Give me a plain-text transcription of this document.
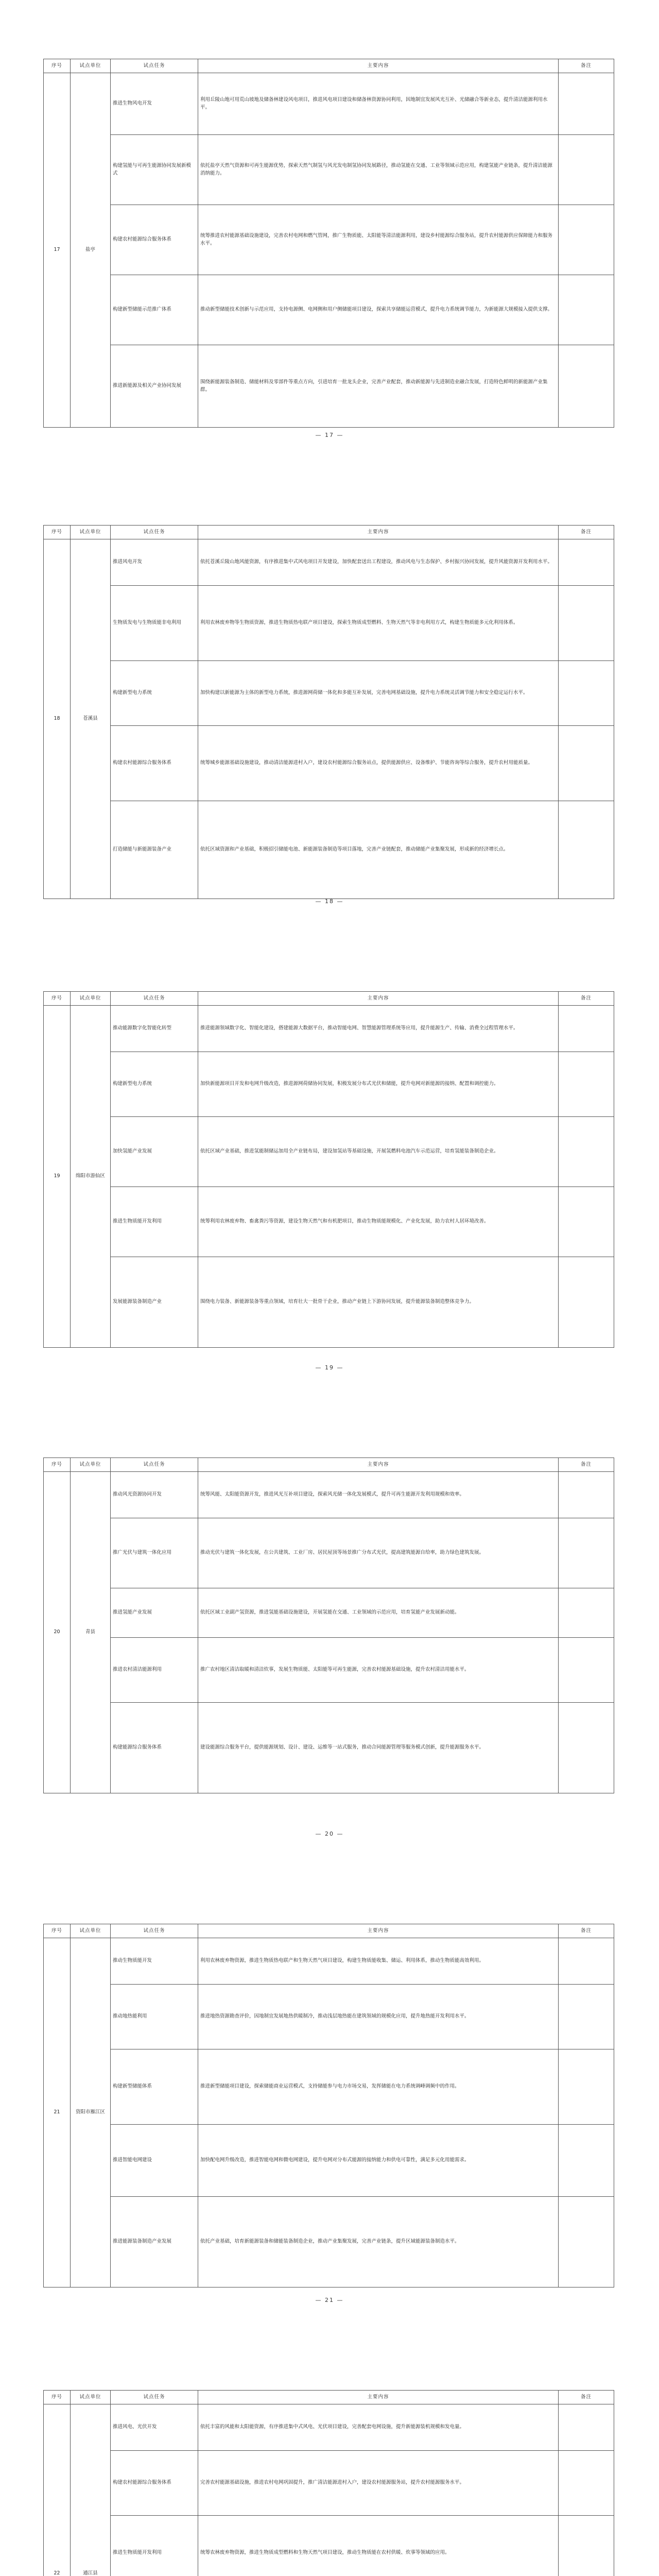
序号	试点单位	试点任务	主要内容	备注
17	盐亭	推进生物风电开发	利用丘陵山地可用荒山坡地及储备林建设风电项目，推进风电项目建设和储备林资源协同利用，因地制宜发展风光互补、光储融合等新业态，提升清洁能源利用水平。	
		构建氢能与可再生能源协同发展新模式	依托盐亭天然气资源和可再生能源优势，探索天然气制氢与风光发电制氢协同发展路径，推动氢能在交通、工业等领域示范应用，构建氢能产业链条，提升清洁能源消纳能力。	
		构建农村能源综合服务体系	统筹推进农村能源基础设施建设，完善农村电网和燃气管网，推广生物质能、太阳能等清洁能源利用，建设乡村能源综合服务站，提升农村能源供应保障能力和服务水平。	
		构建新型储能示范推广体系	推动新型储能技术创新与示范应用，支持电源侧、电网侧和用户侧储能项目建设，探索共享储能运营模式，提升电力系统调节能力，为新能源大规模接入提供支撑。	
		推进新能源及相关产业协同发展	围绕新能源装备制造、储能材料及零部件等重点方向，引进培育一批龙头企业，完善产业配套，推动新能源与先进制造业融合发展，打造特色鲜明的新能源产业集群。	
— 17 —
序号	试点单位	试点任务	主要内容	备注
18	苍溪县	推进风电开发	依托苍溪丘陵山地风能资源，有序推进集中式风电项目开发建设，加快配套送出工程建设，推动风电与生态保护、乡村振兴协同发展，提升风能资源开发利用水平。	
		生物质发电与生物质能非电利用	利用农林废弃物等生物质资源，推进生物质热电联产项目建设，探索生物质成型燃料、生物天然气等非电利用方式，构建生物质能多元化利用体系。	
		构建新型电力系统	加快构建以新能源为主体的新型电力系统，推进源网荷储一体化和多能互补发展，完善电网基础设施，提升电力系统灵活调节能力和安全稳定运行水平。	
		构建农村能源综合服务体系	统筹城乡能源基础设施建设，推动清洁能源进村入户，建设农村能源综合服务站点，提供能源供应、设备维护、节能咨询等综合服务，提升农村用能质量。	
		打造储能与新能源装备产业	依托区域资源和产业基础，积极招引储能电池、新能源装备制造等项目落地，完善产业链配套，推动储能产业集聚发展，形成新的经济增长点。	
— 18 —
序号	试点单位	试点任务	主要内容	备注
19	绵阳市游仙区	推动能源数字化智能化转型	推进能源领域数字化、智能化建设，搭建能源大数据平台，推动智能电网、智慧能源管理系统等应用，提升能源生产、传输、消费全过程管理水平。	
		构建新型电力系统	加快新能源项目开发和电网升级改造，推进源网荷储协同发展，积极发展分布式光伏和储能，提升电网对新能源的接纳、配置和调控能力。	
		加快氢能产业发展	依托区域产业基础，推进氢能制储运加用全产业链布局，建设加氢站等基础设施，开展氢燃料电池汽车示范运营，培育氢能装备制造企业。	
		推进生物质能开发利用	统筹利用农林废弃物、畜禽粪污等资源，建设生物天然气和有机肥项目，推动生物质能规模化、产业化发展，助力农村人居环境改善。	
		发展能源装备制造产业	围绕电力装备、新能源装备等重点领域，培育壮大一批骨干企业，推动产业链上下游协同发展，提升能源装备制造整体竞争力。	
— 19 —
序号	试点单位	试点任务	主要内容	备注
20	青县	推动风光资源协同开发	统筹风能、太阳能资源开发，推进风光互补项目建设，探索风光储一体化发展模式，提升可再生能源开发利用规模和效率。	
		推广光伏与建筑一体化应用	推动光伏与建筑一体化发展，在公共建筑、工业厂房、居民屋顶等场景推广分布式光伏，提高建筑能源自给率，助力绿色建筑发展。	
		推进氢能产业发展	依托区域工业副产氢资源，推进氢能基础设施建设，开展氢能在交通、工业领域的示范应用，培育氢能产业发展新动能。	
		推进农村清洁能源利用	推广农村地区清洁取暖和清洁炊事，发展生物质能、太阳能等可再生能源，完善农村能源基础设施，提升农村清洁用能水平。	
		构建能源综合服务体系	建设能源综合服务平台，提供能源规划、设计、建设、运维等一站式服务，推动合同能源管理等服务模式创新，提升能源服务水平。	
— 20 —
序号	试点单位	试点任务	主要内容	备注
21	资阳市雁江区	推动生物质能开发	利用农林废弃物资源，推进生物质热电联产和生物天然气项目建设，构建生物质能收集、储运、利用体系，推动生物质能高效利用。	
		推动地热能利用	推进地热资源勘查评价，因地制宜发展地热供暖制冷，推动浅层地热能在建筑领域的规模化应用，提升地热能开发利用水平。	
		构建新型储能体系	推进新型储能项目建设，探索储能商业运营模式，支持储能参与电力市场交易，发挥储能在电力系统调峰调频中的作用。	
		推进智能电网建设	加快配电网升级改造，推进智能电网和微电网建设，提升电网对分布式能源的接纳能力和供电可靠性，满足多元化用能需求。	
		推进能源装备制造产业发展	依托产业基础，培育新能源装备和储能装备制造企业，推动产业集聚发展，完善产业链条，提升区域能源装备制造水平。	
— 21 —
序号	试点单位	试点任务	主要内容	备注
22	通江县	推进风电、光伏开发	依托丰富的风能和太阳能资源，有序推进集中式风电、光伏项目建设，完善配套电网设施，提升新能源装机规模和发电量。	
		构建农村能源综合服务体系	完善农村能源基础设施，推进农村电网巩固提升，推广清洁能源进村入户，建设农村能源服务站，提升农村能源服务水平。	
		推进生物质能开发利用	统筹农林废弃物资源，推进生物质成型燃料和生物天然气项目建设，推动生物质能在农村供暖、炊事等领域的应用。	
